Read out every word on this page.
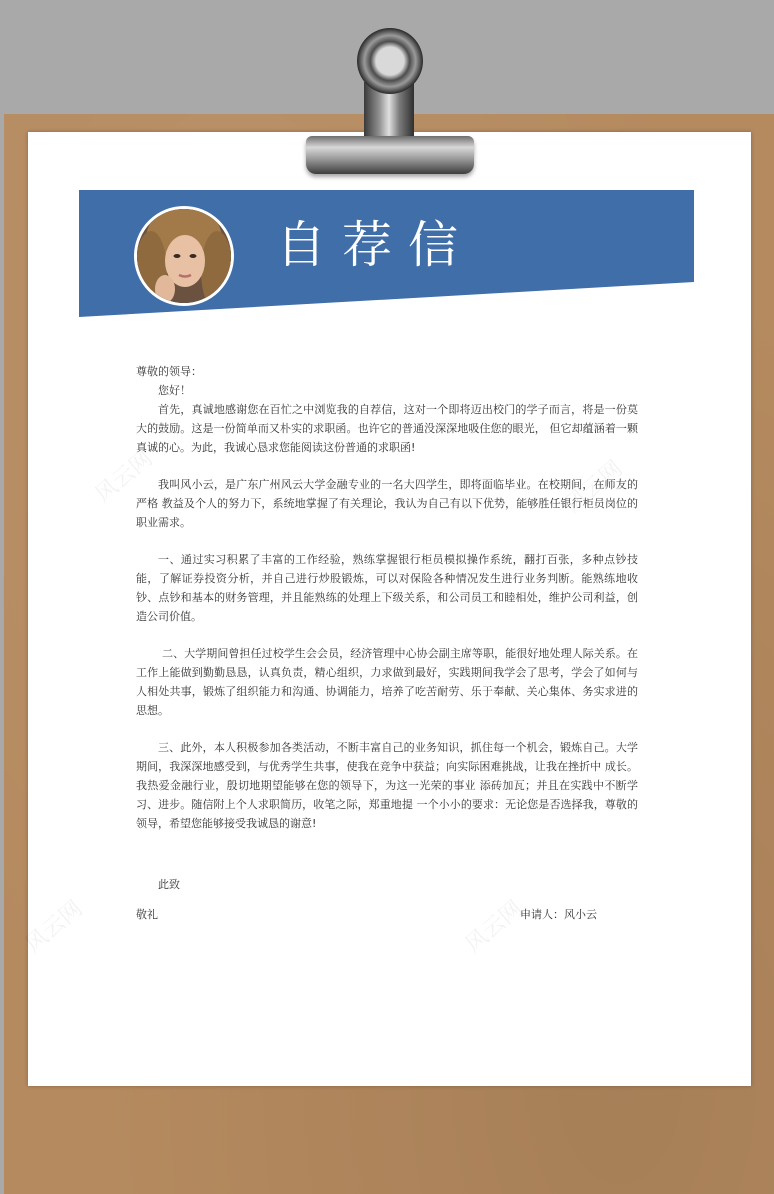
自荐信
风云网	风云网
风云网	风云网

尊敬的领导：

您好！

首先，真诚地感谢您在百忙之中浏览我的自荐信，这对一个即将迈出校门的学子而言，将是一份莫大的鼓励。这是一份简单而又朴实的求职函。也许它的普通没深深地吸住您的眼光， 但它却蕴涵着一颗真诚的心。为此，我诚心恳求您能阅读这份普通的求职函!

我叫风小云，是广东广州风云大学金融专业的一名大四学生，即将面临毕业。在校期间，在师友的严格 教益及个人的努力下，系统地掌握了有关理论，我认为自己有以下优势，能够胜任银行柜员岗位的职业需求。

一、通过实习积累了丰富的工作经验，熟练掌握银行柜员模拟操作系统，翻打百张，多种点钞技能，了解证券投资分析，并自己进行炒股锻炼，可以对保险各种情况发生进行业务判断。能熟练地收钞、点钞和基本的财务管理，并且能熟练的处理上下级关系，和公司员工和睦相处，维护公司利益，创造公司价值。

二、大学期间曾担任过校学生会会员，经济管理中心协会副主席等职，能很好地处理人际关系。在工作上能做到勤勤恳恳，认真负责，精心组织，力求做到最好，实践期间我学会了思考，学会了如何与人相处共事，锻炼了组织能力和沟通、协调能力，培养了吃苦耐劳、乐于奉献、关心集体、务实求进的思想。

三、此外，本人积极参加各类活动，不断丰富自己的业务知识，抓住每一个机会，锻炼自己。大学期间，我深深地感受到，与优秀学生共事，使我在竞争中获益；向实际困难挑战，让我在挫折中 成长。我热爱金融行业，殷切地期望能够在您的领导下，为这一光荣的事业 添砖加瓦；并且在实践中不断学习、进步。随信附上个人求职简历，收笔之际，郑重地提 一个小小的要求：无论您是否选择我，尊敬的领导，希望您能够接受我诚恳的谢意!

此致
敬礼	申请人：风小云
